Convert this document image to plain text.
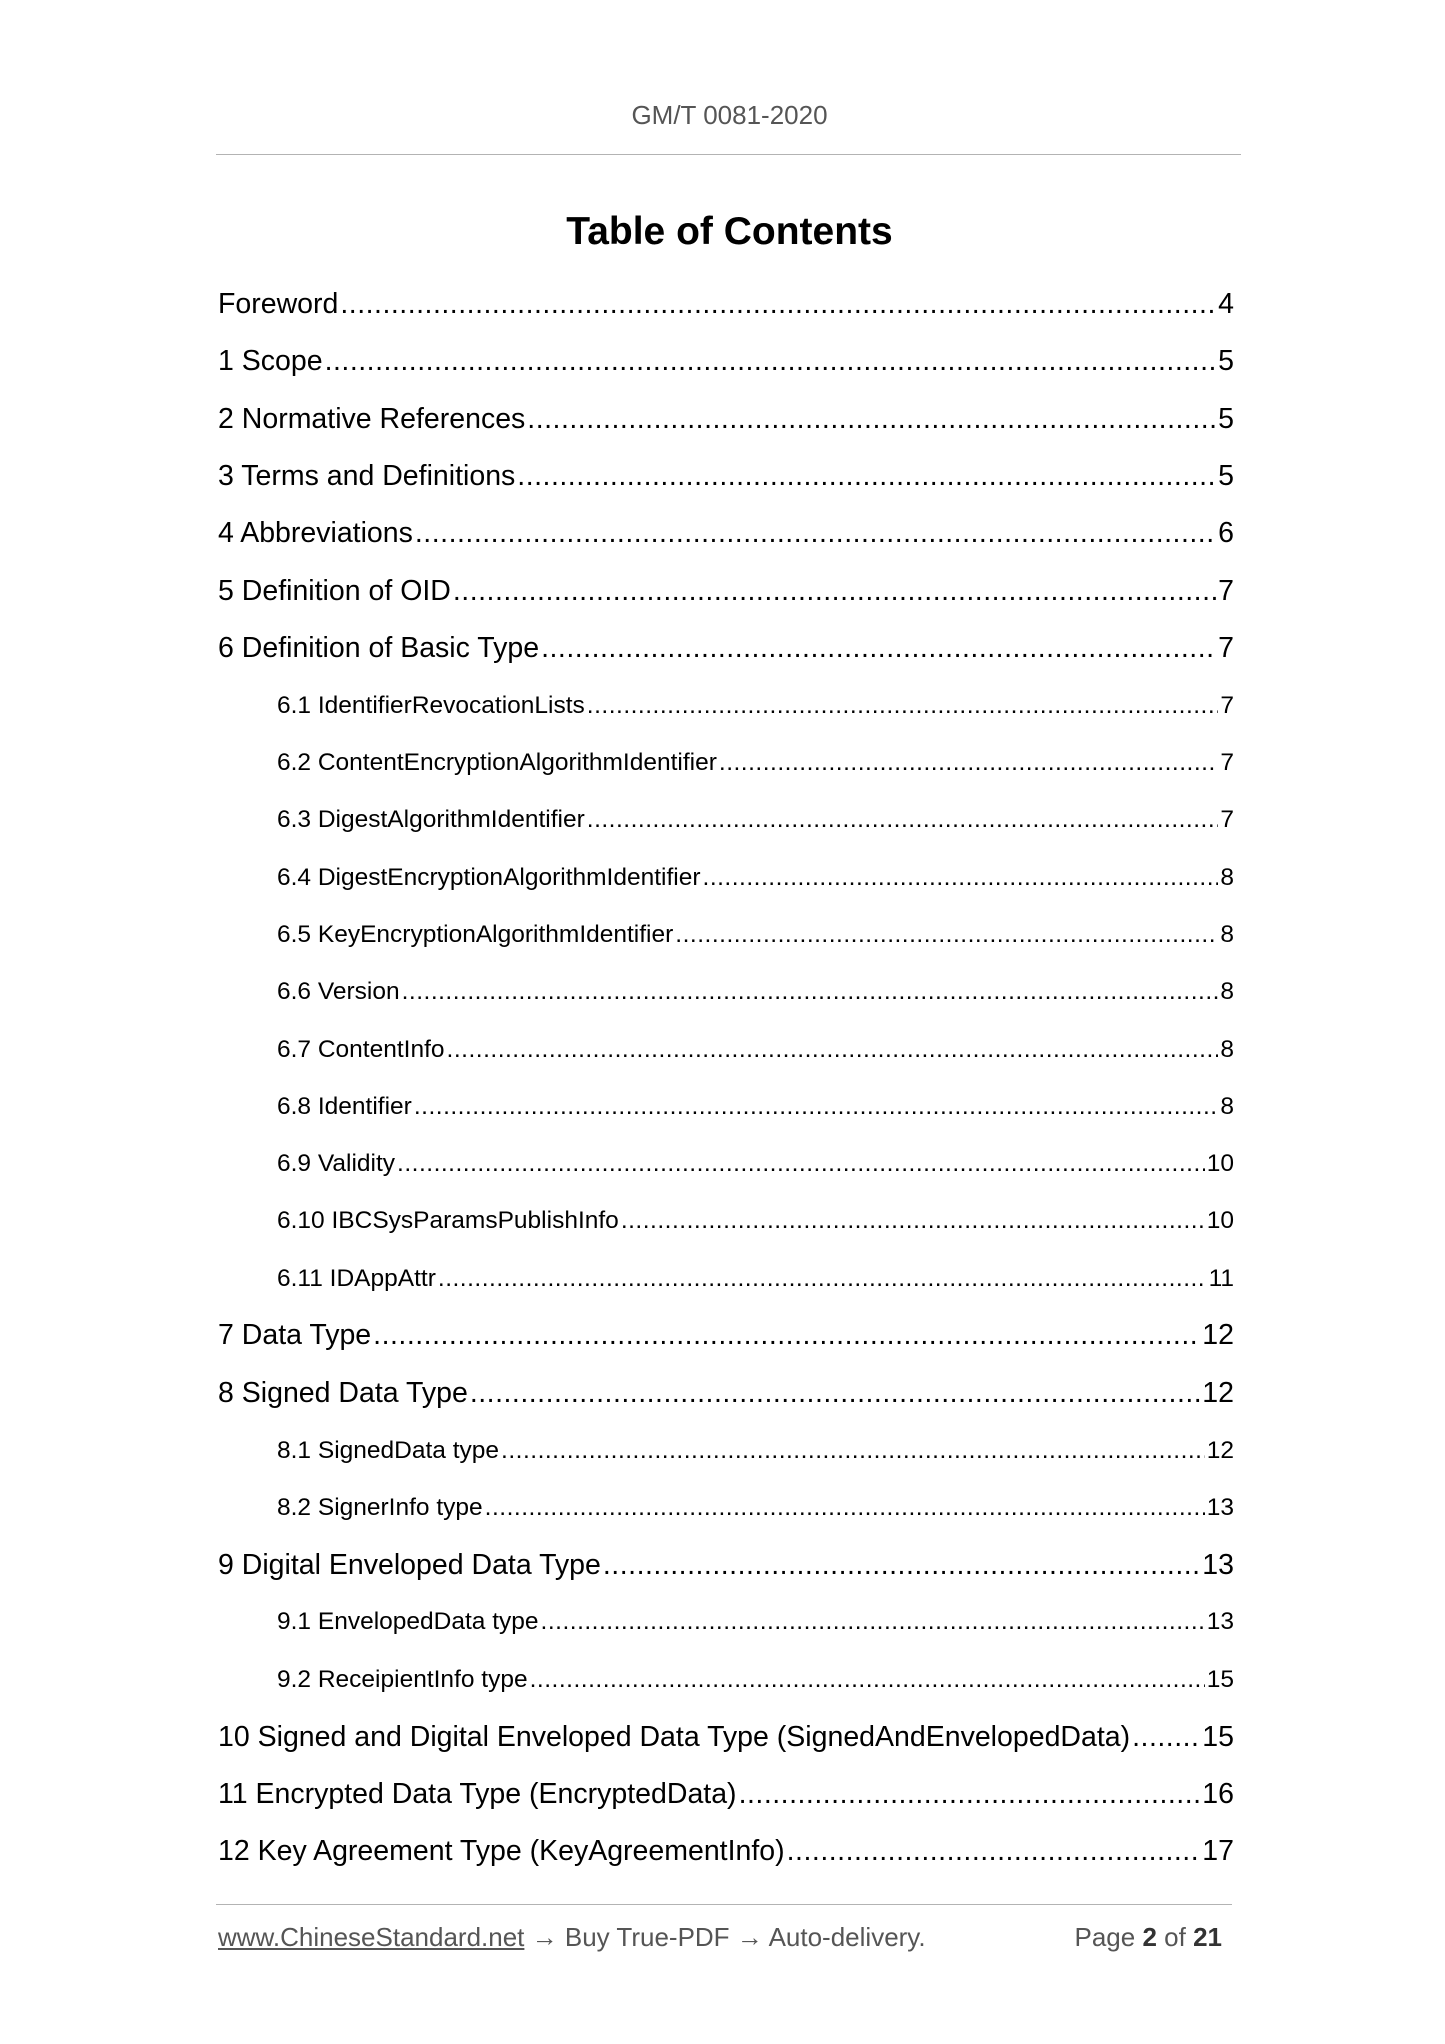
GM/T 0081-2020
Table of Contents
Foreword .....	4
1 Scope .....	5
2 Normative References .....	5
3 Terms and Definitions .....	5
4 Abbreviations .....	6
5 Definition of OID .....	7
6 Definition of Basic Type .....	7
6.1 IdentifierRevocationLists .....	7
6.2 ContentEncryptionAlgorithmIdentifier .....	7
6.3 DigestAlgorithmIdentifier .....	7
6.4 DigestEncryptionAlgorithmIdentifier .....	8
6.5 KeyEncryptionAlgorithmIdentifier .....	8
6.6 Version .....	8
6.7 ContentInfo .....	8
6.8 Identifier .....	8
6.9 Validity .....	10
6.10 IBCSysParamsPublishInfo .....	10
6.11 IDAppAttr .....	11
7 Data Type .....	12
8 Signed Data Type .....	12
8.1 SignedData type .....	12
8.2 SignerInfo type .....	13
9 Digital Enveloped Data Type .....	13
9.1 EnvelopedData type .....	13
9.2 ReceipientInfo type .....	15
10 Signed and Digital Enveloped Data Type (SignedAndEnvelopedData) .....	15
11 Encrypted Data Type (EncryptedData) .....	16
12 Key Agreement Type (KeyAgreementInfo) .....	17
www.ChineseStandard.net → Buy True-PDF → Auto-delivery.	Page 2 of 21
